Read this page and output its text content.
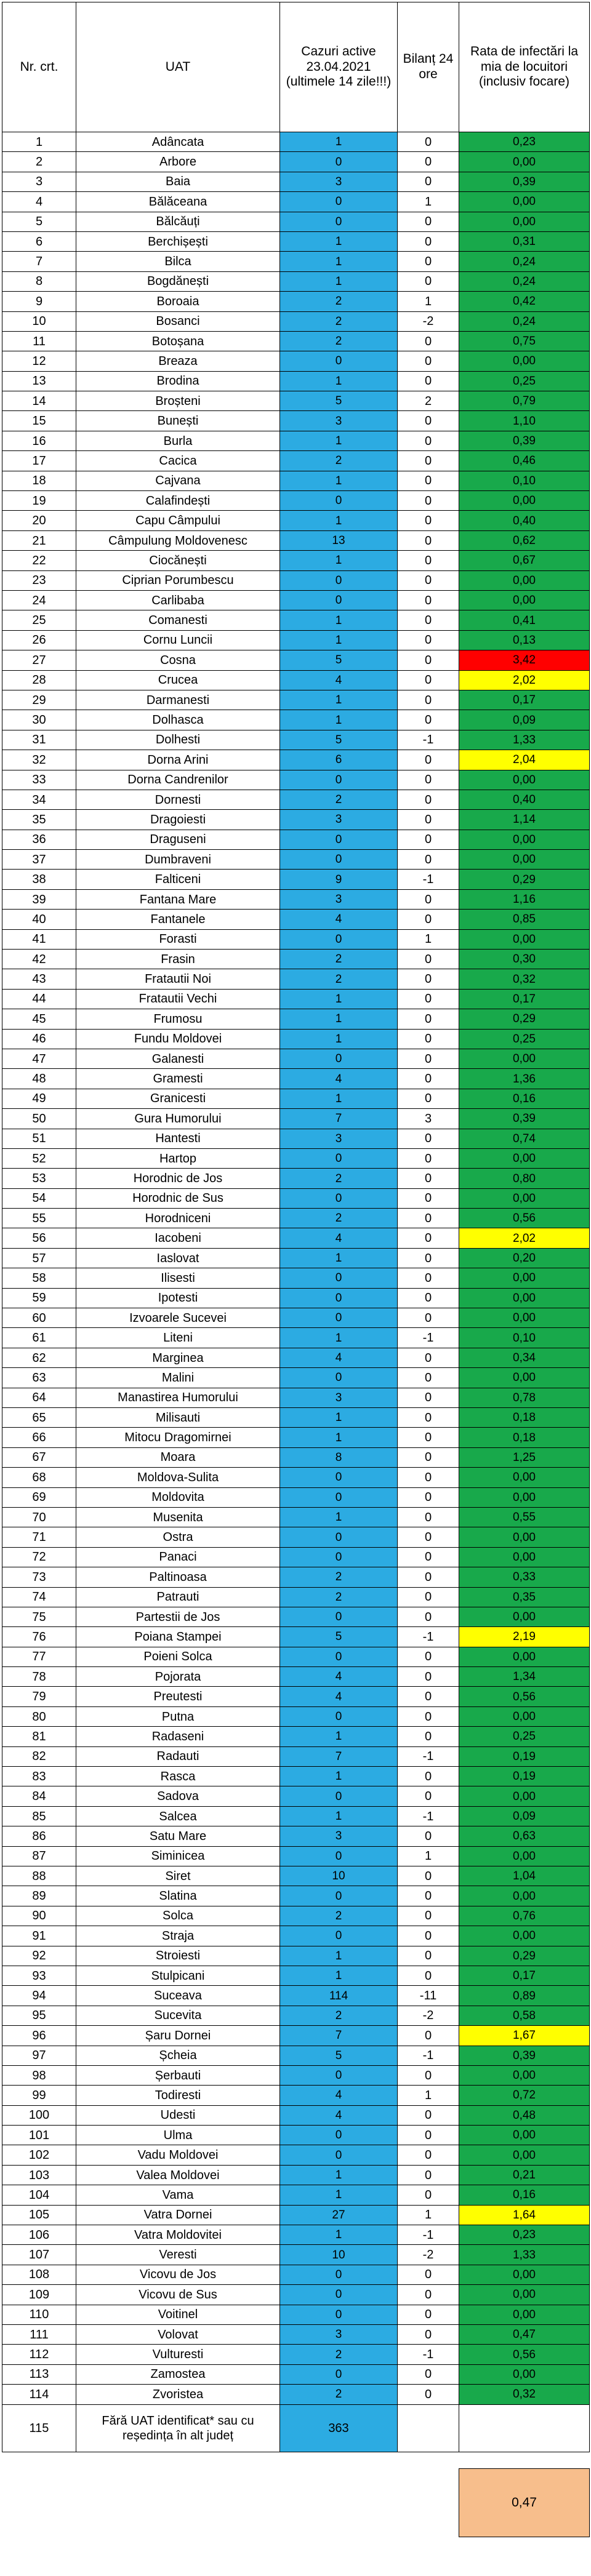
Nr. crt.	UAT	Cazuri active 23.04.2021 (ultimele 14 zile!!!)	Bilanț 24 ore	Rata de infectări la mia de locuitori (inclusiv focare)
1	Adâncata	1	0	0,23
2	Arbore	0	0	0,00
3	Baia	3	0	0,39
4	Bălăceana	0	1	0,00
5	Bălcăuți	0	0	0,00
6	Berchișești	1	0	0,31
7	Bilca	1	0	0,24
8	Bogdănești	1	0	0,24
9	Boroaia	2	1	0,42
10	Bosanci	2	-2	0,24
11	Botoșana	2	0	0,75
12	Breaza	0	0	0,00
13	Brodina	1	0	0,25
14	Broșteni	5	2	0,79
15	Bunești	3	0	1,10
16	Burla	1	0	0,39
17	Cacica	2	0	0,46
18	Cajvana	1	0	0,10
19	Calafindești	0	0	0,00
20	Capu Câmpului	1	0	0,40
21	Câmpulung Moldovenesc	13	0	0,62
22	Ciocănești	1	0	0,67
23	Ciprian Porumbescu	0	0	0,00
24	Carlibaba	0	0	0,00
25	Comanesti	1	0	0,41
26	Cornu Luncii	1	0	0,13
27	Cosna	5	0	3,42
28	Crucea	4	0	2,02
29	Darmanesti	1	0	0,17
30	Dolhasca	1	0	0,09
31	Dolhesti	5	-1	1,33
32	Dorna Arini	6	0	2,04
33	Dorna Candrenilor	0	0	0,00
34	Dornesti	2	0	0,40
35	Dragoiesti	3	0	1,14
36	Draguseni	0	0	0,00
37	Dumbraveni	0	0	0,00
38	Falticeni	9	-1	0,29
39	Fantana Mare	3	0	1,16
40	Fantanele	4	0	0,85
41	Forasti	0	1	0,00
42	Frasin	2	0	0,30
43	Fratautii Noi	2	0	0,32
44	Fratautii Vechi	1	0	0,17
45	Frumosu	1	0	0,29
46	Fundu Moldovei	1	0	0,25
47	Galanesti	0	0	0,00
48	Gramesti	4	0	1,36
49	Granicesti	1	0	0,16
50	Gura Humorului	7	3	0,39
51	Hantesti	3	0	0,74
52	Hartop	0	0	0,00
53	Horodnic de Jos	2	0	0,80
54	Horodnic de Sus	0	0	0,00
55	Horodniceni	2	0	0,56
56	Iacobeni	4	0	2,02
57	Iaslovat	1	0	0,20
58	Ilisesti	0	0	0,00
59	Ipotesti	0	0	0,00
60	Izvoarele Sucevei	0	0	0,00
61	Liteni	1	-1	0,10
62	Marginea	4	0	0,34
63	Malini	0	0	0,00
64	Manastirea Humorului	3	0	0,78
65	Milisauti	1	0	0,18
66	Mitocu Dragomirnei	1	0	0,18
67	Moara	8	0	1,25
68	Moldova-Sulita	0	0	0,00
69	Moldovita	0	0	0,00
70	Musenita	1	0	0,55
71	Ostra	0	0	0,00
72	Panaci	0	0	0,00
73	Paltinoasa	2	0	0,33
74	Patrauti	2	0	0,35
75	Partestii de Jos	0	0	0,00
76	Poiana Stampei	5	-1	2,19
77	Poieni Solca	0	0	0,00
78	Pojorata	4	0	1,34
79	Preutesti	4	0	0,56
80	Putna	0	0	0,00
81	Radaseni	1	0	0,25
82	Radauti	7	-1	0,19
83	Rasca	1	0	0,19
84	Sadova	0	0	0,00
85	Salcea	1	-1	0,09
86	Satu Mare	3	0	0,63
87	Siminicea	0	1	0,00
88	Siret	10	0	1,04
89	Slatina	0	0	0,00
90	Solca	2	0	0,76
91	Straja	0	0	0,00
92	Stroiesti	1	0	0,29
93	Stulpicani	1	0	0,17
94	Suceava	114	-11	0,89
95	Sucevita	2	-2	0,58
96	Șaru Dornei	7	0	1,67
97	Șcheia	5	-1	0,39
98	Șerbauti	0	0	0,00
99	Todiresti	4	1	0,72
100	Udesti	4	0	0,48
101	Ulma	0	0	0,00
102	Vadu Moldovei	0	0	0,00
103	Valea Moldovei	1	0	0,21
104	Vama	1	0	0,16
105	Vatra Dornei	27	1	1,64
106	Vatra Moldovitei	1	-1	0,23
107	Veresti	10	-2	1,33
108	Vicovu de Jos	0	0	0,00
109	Vicovu de Sus	0	0	0,00
110	Voitinel	0	0	0,00
111	Volovat	3	0	0,47
112	Vulturesti	2	-1	0,56
113	Zamostea	0	0	0,00
114	Zvoristea	2	0	0,32
115	Fără UAT identificat* sau cu reședința în alt județ	363		

				0,47
